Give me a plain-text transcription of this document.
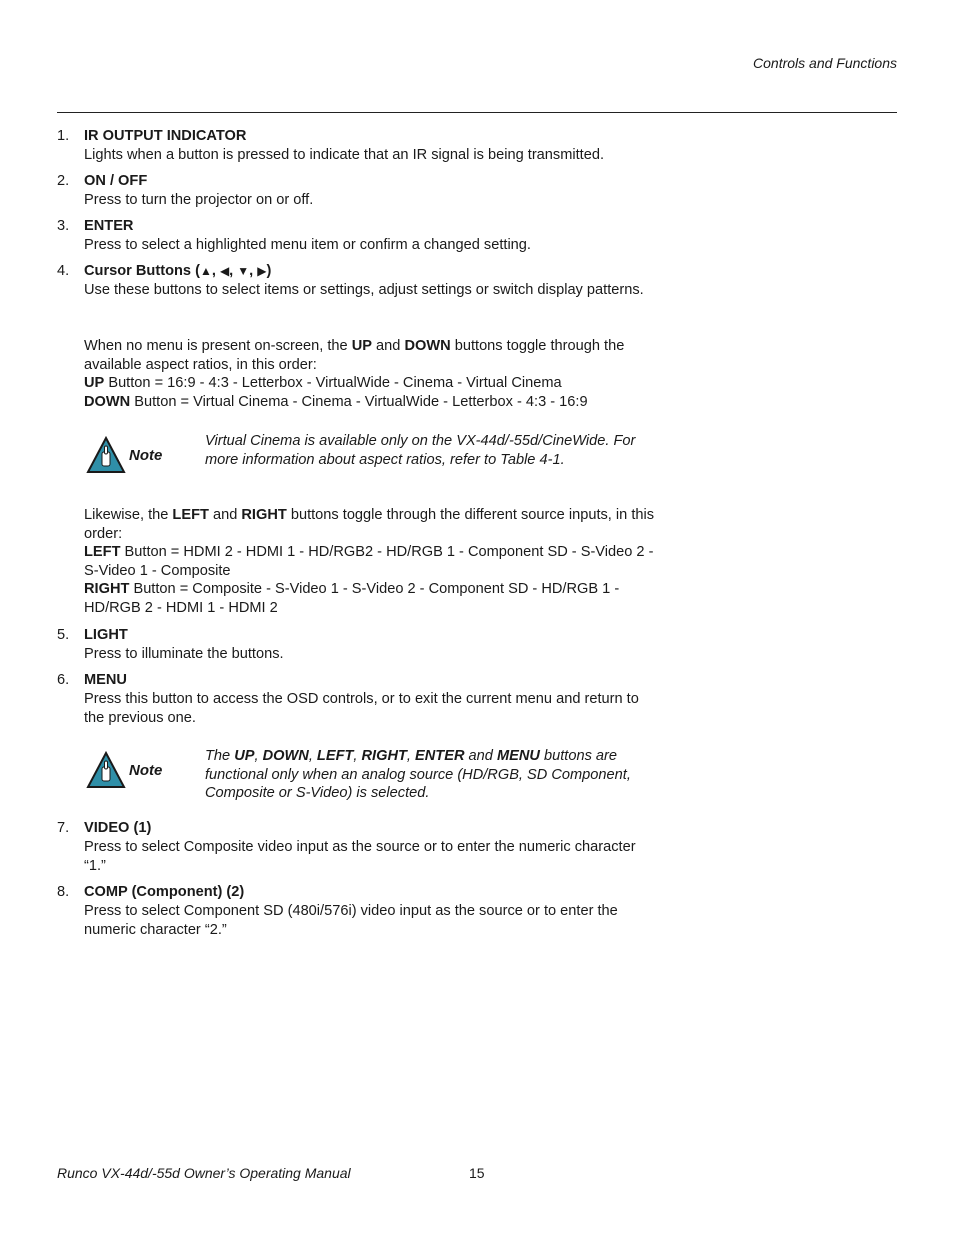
Controls and Functions
1.	IR OUTPUT INDICATOR
Lights when a button is pressed to indicate that an IR signal is being transmitted.
2.	ON / OFF
Press to turn the projector on or off.
3.	ENTER
Press to select a highlighted menu item or confirm a changed setting.
4.	Cursor Buttons (▲, ◀, ▼, ▶)
Use these buttons to select items or settings, adjust settings or switch display patterns.
When no menu is present on-screen, the UP and DOWN buttons toggle through the available aspect ratios, in this order:
UP Button = 16:9 - 4:3 - Letterbox - VirtualWide - Cinema - Virtual Cinema
DOWN Button = Virtual Cinema - Cinema - VirtualWide - Letterbox - 4:3 - 16:9
Note
Virtual Cinema is available only on the VX-44d/-55d/CineWide. For more information about aspect ratios, refer to Table 4-1.
Likewise, the LEFT and RIGHT buttons toggle through the different source inputs, in this order:
LEFT Button = HDMI 2 - HDMI 1 - HD/RGB2 - HD/RGB 1 - Component SD - S-Video 2 - S-Video 1 - Composite
RIGHT Button = Composite - S-Video 1 - S-Video 2 - Component SD - HD/RGB 1 - HD/RGB 2 - HDMI 1 - HDMI 2
5.	LIGHT
Press to illuminate the buttons.
6.	MENU
Press this button to access the OSD controls, or to exit the current menu and return to the previous one.
Note
The UP, DOWN, LEFT, RIGHT, ENTER and MENU buttons are functional only when an analog source (HD/RGB, SD Component, Composite or S-Video) is selected.
7.	VIDEO (1)
Press to select Composite video input as the source or to enter the numeric character “1.”
8.	COMP (Component) (2)
Press to select Component SD (480i/576i) video input as the source or to enter the numeric character “2.”
Runco VX-44d/-55d Owner’s Operating Manual	15
